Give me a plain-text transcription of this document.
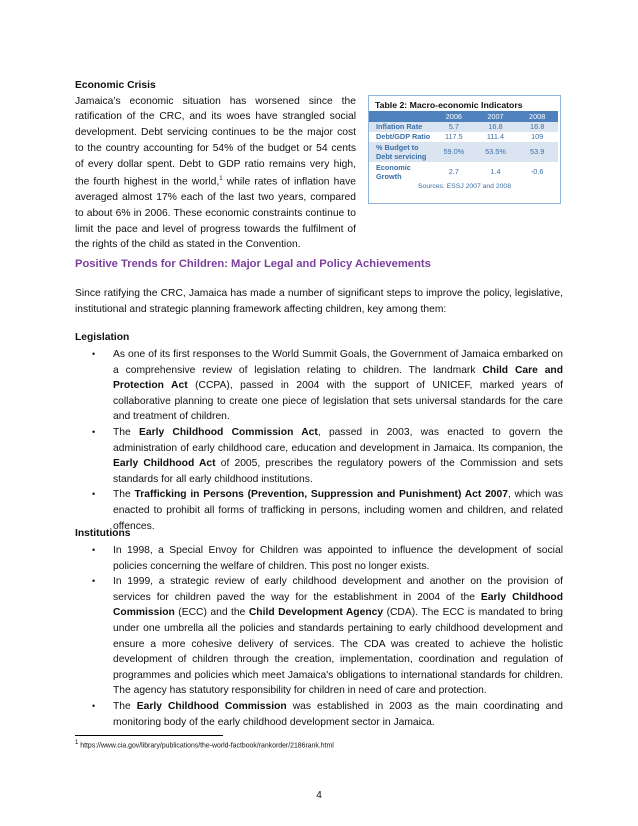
Economic Crisis

Jamaica’s economic situation has worsened since the ratification of the CRC, and its woes have strangled social development. Debt servicing continues to be the major cost to the country accounting for 54% of the budget or 54 cents of every dollar spent. Debt to GDP ratio remains very high, the fourth highest in the world,$^1$ while rates of inflation have averaged almost 17% each of the last two years, compared to about 6% in 2006. These economic constraints continue to limit the pace and level of progress towards the fulfilment of the rights of the child as stated in the Convention.

Table 2: Macro-economic Indicators
	2006	2007	2008
Inflation Rate	5.7	16.8	16.8
Debt/GDP Ratio	117.5	111.4	109
% Budget to Debt servicing	59.0%	53.5%	53.9
Economic Growth	2.7	1.4	-0.6
Sources: ESSJ 2007 and 2008
Positive Trends for Children: Major Legal and Policy Achievements

Since ratifying the CRC, Jamaica has made a number of significant steps to improve the policy, legislative, institutional and strategic planning framework affecting children, key among them:

Legislation
• As one of its first responses to the World Summit Goals, the Government of Jamaica embarked on a comprehensive review of legislation relating to children. The landmark Child Care and Protection Act (CCPA), passed in 2004 with the support of UNICEF, marked years of collaborative planning to create one piece of legislation that sets universal standards for the care and treatment of children.
• The Early Childhood Commission Act, passed in 2003, was enacted to govern the administration of early childhood care, education and development in Jamaica. Its companion, the Early Childhood Act of 2005, prescribes the regulatory powers of the Commission and sets standards for all early childhood institutions.
• The Trafficking in Persons (Prevention, Suppression and Punishment) Act 2007, which was enacted to prohibit all forms of trafficking in persons, including women and children, and related offences.
Institutions
• In 1998, a Special Envoy for Children was appointed to influence the development of social policies concerning the welfare of children. This post no longer exists.
• In 1999, a strategic review of early childhood development and another on the provision of services for children paved the way for the establishment in 2004 of the Early Childhood Commission (ECC) and the Child Development Agency (CDA). The ECC is mandated to bring under one umbrella all the policies and standards pertaining to early childhood development and ensure a more cohesive delivery of services. The CDA was created to achieve the holistic development of children through the creation, implementation, coordination and regulation of programmes and policies which meet Jamaica's obligations to international standards for children. The agency has statutory responsibility for children in need of care and protection.
• The Early Childhood Commission was established in 2003 as the main coordinating and monitoring body of the early childhood development sector in Jamaica.
$^1$ https://www.cia.gov/library/publications/the-world-factbook/rankorder/2186rank.html
4
